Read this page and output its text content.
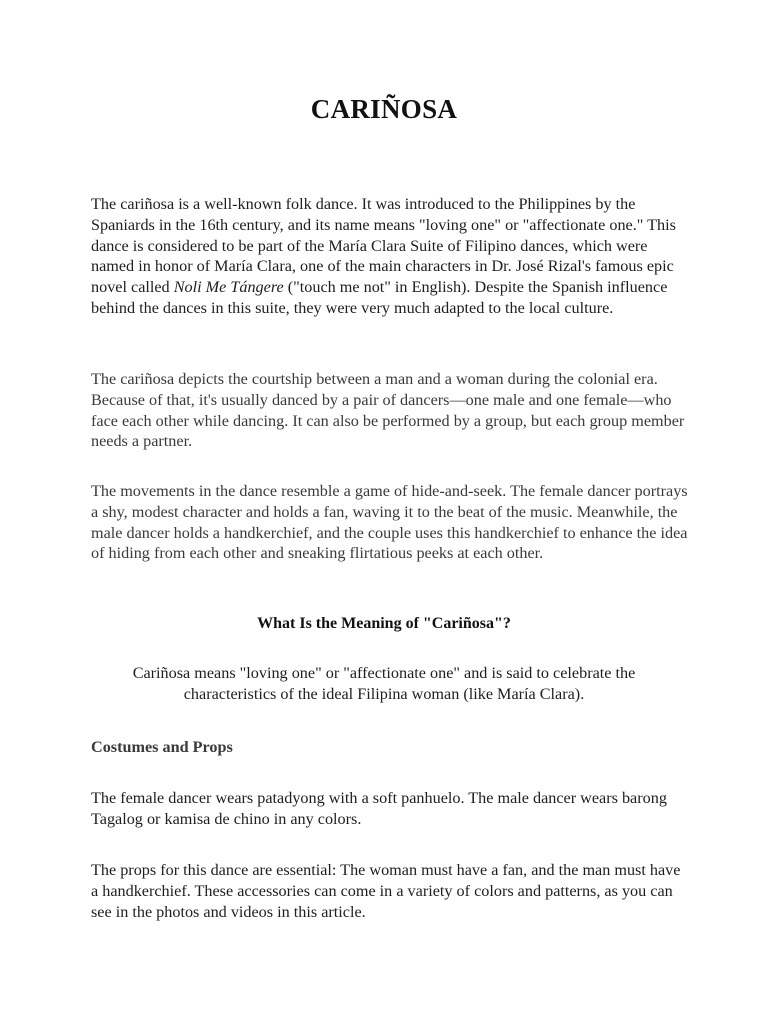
CARIÑOSA

The cariñosa is a well-known folk dance. It was introduced to the Philippines by the Spaniards in the 16th century, and its name means "loving one" or "affectionate one." This dance is considered to be part of the María Clara Suite of Filipino dances, which were named in honor of María Clara, one of the main characters in Dr. José Rizal's famous epic novel called Noli Me Tángere ("touch me not" in English). Despite the Spanish influence behind the dances in this suite, they were very much adapted to the local culture.

The cariñosa depicts the courtship between a man and a woman during the colonial era. Because of that, it's usually danced by a pair of dancers—one male and one female—who face each other while dancing. It can also be performed by a group, but each group member needs a partner.

The movements in the dance resemble a game of hide-and-seek. The female dancer portrays a shy, modest character and holds a fan, waving it to the beat of the music. Meanwhile, the male dancer holds a handkerchief, and the couple uses this handkerchief to enhance the idea of hiding from each other and sneaking flirtatious peeks at each other.

What Is the Meaning of "Cariñosa"?

Cariñosa means "loving one" or "affectionate one" and is said to celebrate the characteristics of the ideal Filipina woman (like María Clara).

Costumes and Props

The female dancer wears patadyong with a soft panhuelo. The male dancer wears barong Tagalog or kamisa de chino in any colors.

The props for this dance are essential: The woman must have a fan, and the man must have a handkerchief. These accessories can come in a variety of colors and patterns, as you can see in the photos and videos in this article.
